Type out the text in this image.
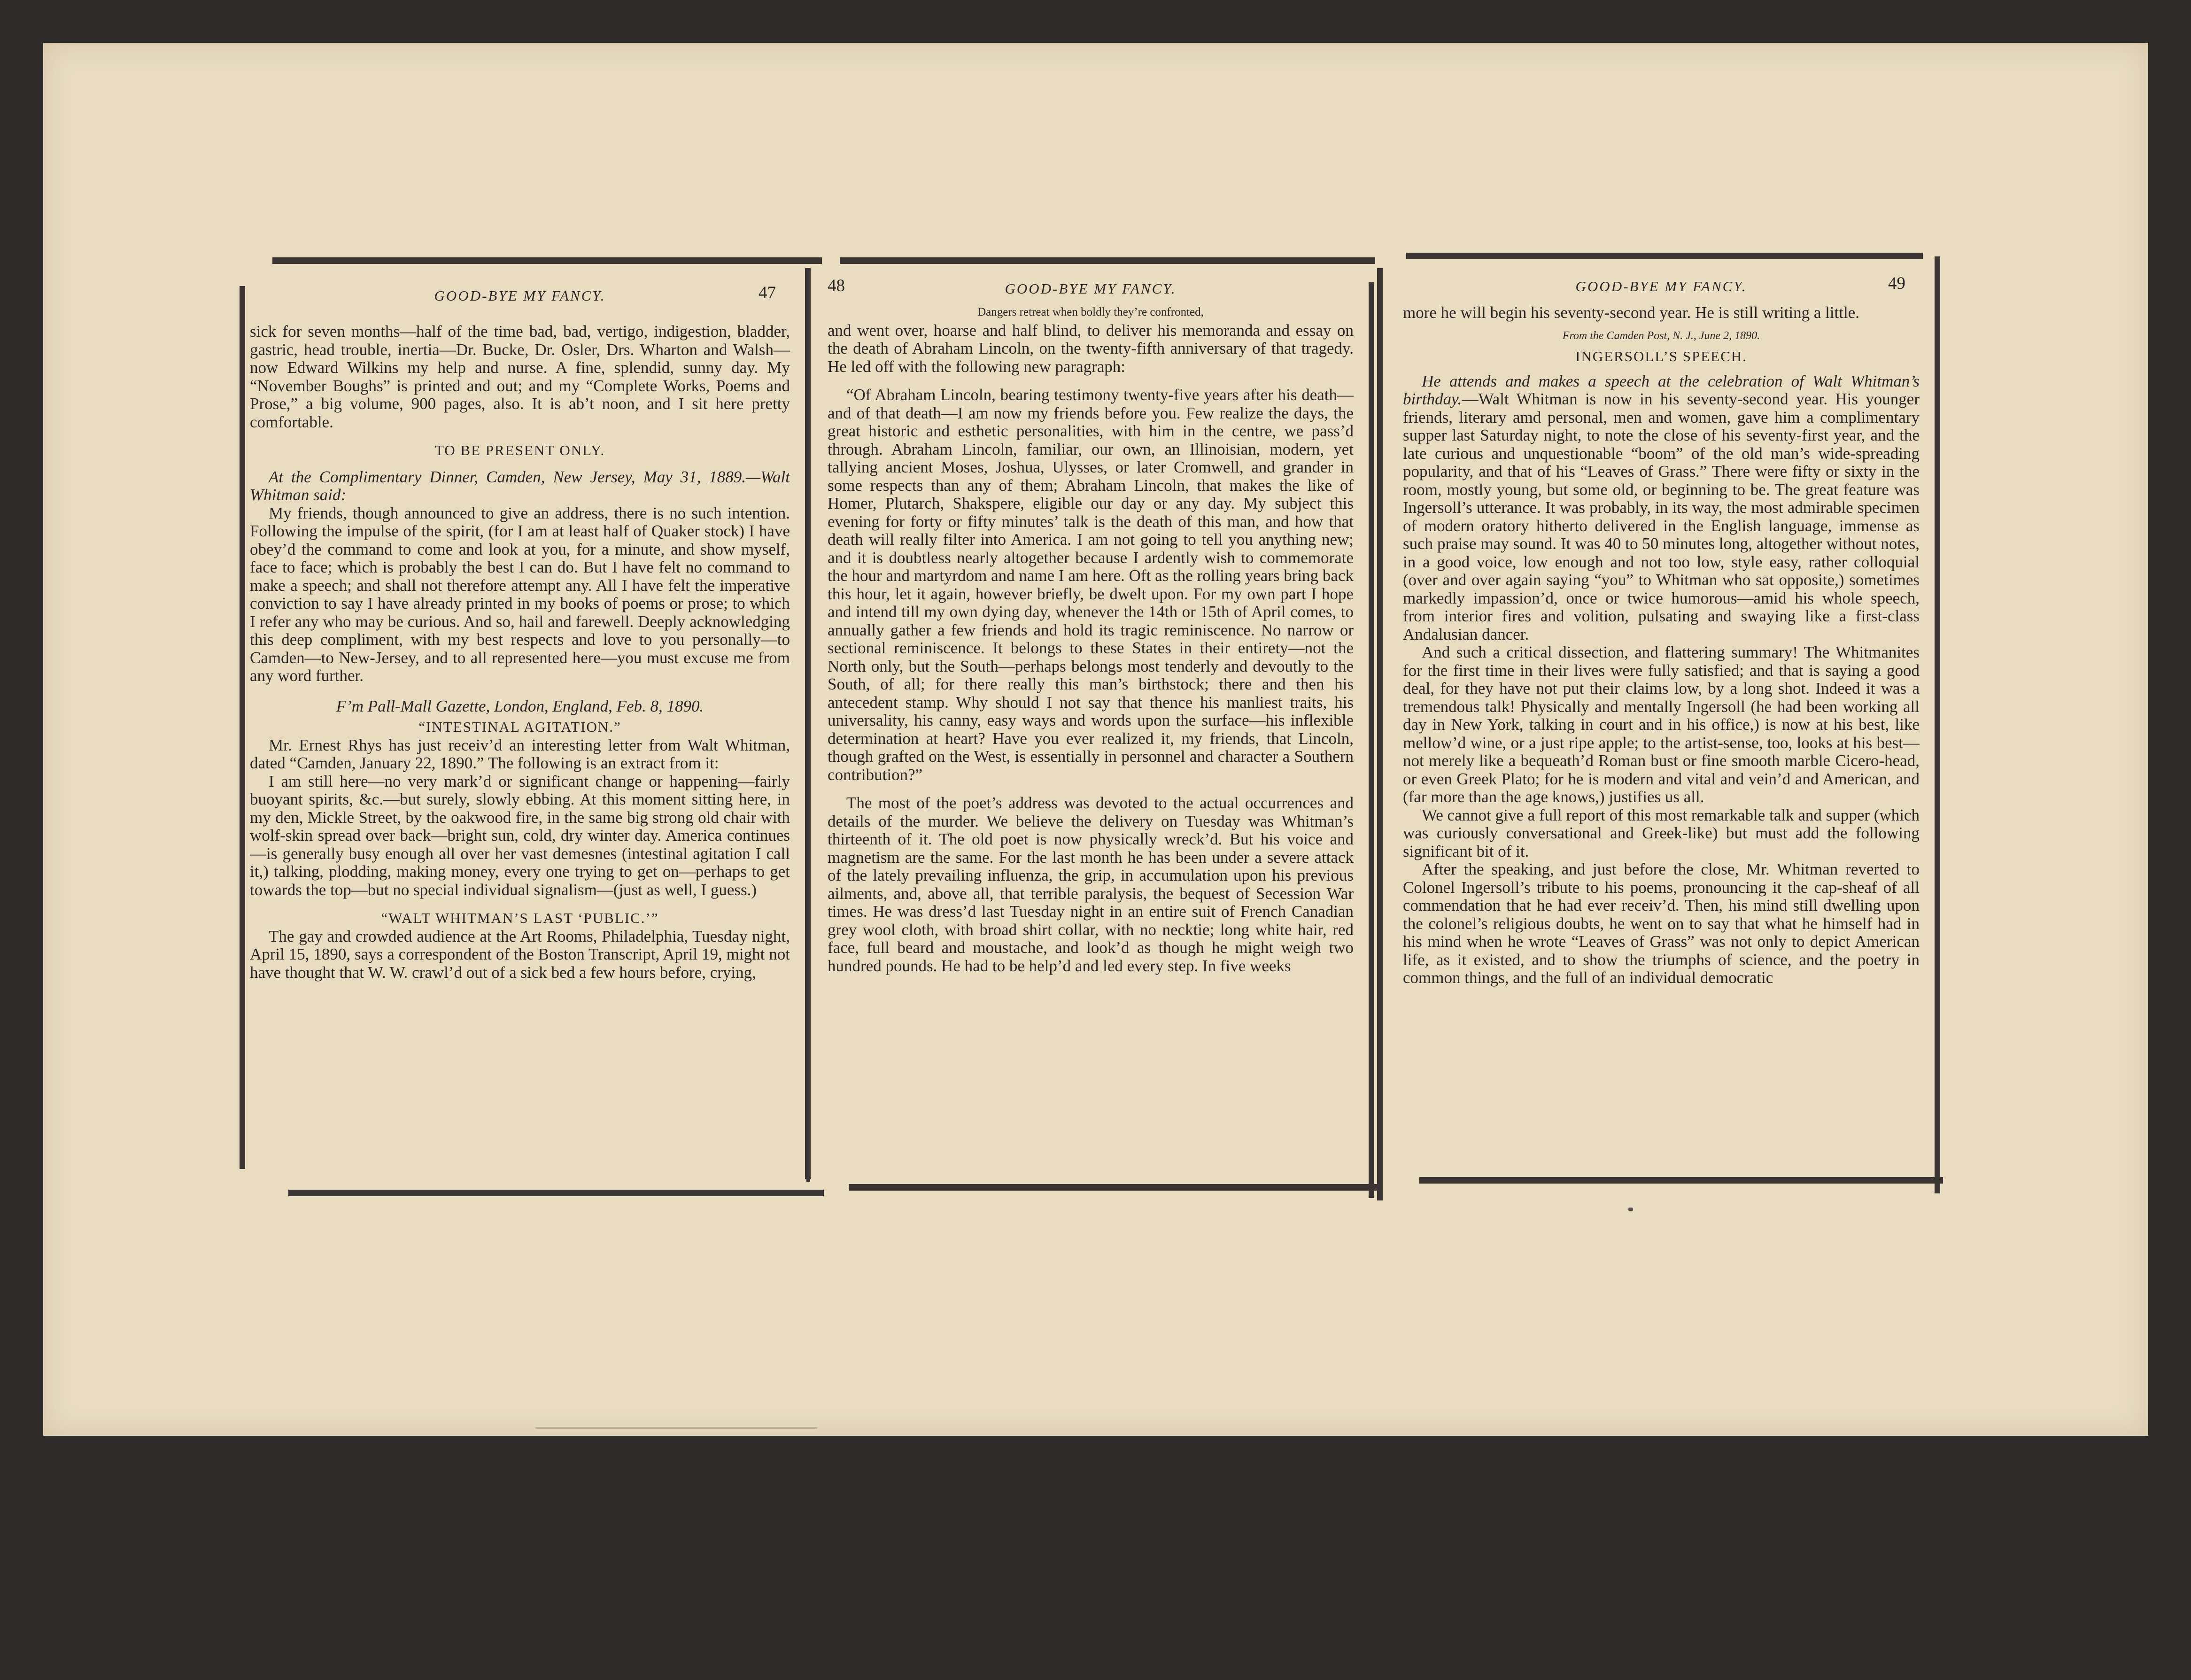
GOOD-BYE MY FANCY.	47

sick for seven months—half of the time bad, bad, vertigo, indigestion, bladder, gastric, head trouble, inertia—Dr. Bucke, Dr. Osler, Drs. Wharton and Walsh—now Edward Wilkins my help and nurse. A fine, splendid, sunny day. My “November Boughs” is printed and out; and my “Complete Works, Poems and Prose,” a big volume, 900 pages, also. It is ab’t noon, and I sit here pretty comfortable.

TO BE PRESENT ONLY.

At the Complimentary Dinner, Camden, New Jersey, May 31, 1889.—Walt Whitman said:

My friends, though announced to give an address, there is no such intention. Following the impulse of the spirit, (for I am at least half of Quaker stock) I have obey’d the command to come and look at you, for a minute, and show myself, face to face; which is probably the best I can do. But I have felt no command to make a speech; and shall not therefore attempt any. All I have felt the imperative conviction to say I have already printed in my books of poems or prose; to which I refer any who may be curious. And so, hail and farewell. Deeply acknowledging this deep compliment, with my best respects and love to you personally—to Camden—to New-Jersey, and to all represented here—you must excuse me from any word further.

F’m Pall-Mall Gazette, London, England, Feb. 8, 1890.

“INTESTINAL AGITATION.”

Mr. Ernest Rhys has just receiv’d an interesting letter from Walt Whitman, dated “Camden, January 22, 1890.” The following is an extract from it:

I am still here—no very mark’d or significant change or happening—fairly buoyant spirits, &c.—but surely, slowly ebbing. At this moment sitting here, in my den, Mickle Street, by the oakwood fire, in the same big strong old chair with wolf-skin spread over back—bright sun, cold, dry winter day. America continues—is generally busy enough all over her vast demesnes (intestinal agitation I call it,) talking, plodding, making money, every one trying to get on—perhaps to get towards the top—but no special individual signalism—(just as well, I guess.)

“WALT WHITMAN’S LAST ‘PUBLIC.’”

The gay and crowded audience at the Art Rooms, Philadelphia, Tuesday night, April 15, 1890, says a correspondent of the Boston Transcript, April 19, might not have thought that W. W. crawl’d out of a sick bed a few hours before, crying,

48	GOOD-BYE MY FANCY.

Dangers retreat when boldly they’re confronted,

and went over, hoarse and half blind, to deliver his memoranda and essay on the death of Abraham Lincoln, on the twenty-fifth anniversary of that tragedy. He led off with the following new paragraph:

“Of Abraham Lincoln, bearing testimony twenty-five years after his death—and of that death—I am now my friends before you. Few realize the days, the great historic and esthetic personalities, with him in the centre, we pass’d through. Abraham Lincoln, familiar, our own, an Illinoisian, modern, yet tallying ancient Moses, Joshua, Ulysses, or later Cromwell, and grander in some respects than any of them; Abraham Lincoln, that makes the like of Homer, Plutarch, Shakspere, eligible our day or any day. My subject this evening for forty or fifty minutes’ talk is the death of this man, and how that death will really filter into America. I am not going to tell you anything new; and it is doubtless nearly altogether because I ardently wish to commemorate the hour and martyrdom and name I am here. Oft as the rolling years bring back this hour, let it again, however briefly, be dwelt upon. For my own part I hope and intend till my own dying day, whenever the 14th or 15th of April comes, to annually gather a few friends and hold its tragic reminiscence. No narrow or sectional reminiscence. It belongs to these States in their entirety—not the North only, but the South—perhaps belongs most tenderly and devoutly to the South, of all; for there really this man’s birthstock; there and then his antecedent stamp. Why should I not say that thence his manliest traits, his universality, his canny, easy ways and words upon the surface—his inflexible determination at heart? Have you ever realized it, my friends, that Lincoln, though grafted on the West, is essentially in personnel and character a Southern contribution?”

The most of the poet’s address was devoted to the actual occurrences and details of the murder. We believe the delivery on Tuesday was Whitman’s thirteenth of it. The old poet is now physically wreck’d. But his voice and magnetism are the same. For the last month he has been under a severe attack of the lately prevailing influenza, the grip, in accumulation upon his previous ailments, and, above all, that terrible paralysis, the bequest of Secession War times. He was dress’d last Tuesday night in an entire suit of French Canadian grey wool cloth, with broad shirt collar, with no necktie; long white hair, red face, full beard and moustache, and look’d as though he might weigh two hundred pounds. He had to be help’d and led every step. In five weeks

GOOD-BYE MY FANCY.	49

more he will begin his seventy-second year. He is still writing a little.

From the Camden Post, N. J., June 2, 1890.

INGERSOLL’S SPEECH.

He attends and makes a speech at the celebration of Walt Whitman’s birthday.—Walt Whitman is now in his seventy-second year. His younger friends, literary amd personal, men and women, gave him a complimentary supper last Saturday night, to note the close of his seventy-first year, and the late curious and unquestionable “boom” of the old man’s wide-spreading popularity, and that of his “Leaves of Grass.” There were fifty or sixty in the room, mostly young, but some old, or beginning to be. The great feature was Ingersoll’s utterance. It was probably, in its way, the most admirable specimen of modern oratory hitherto delivered in the English language, immense as such praise may sound. It was 40 to 50 minutes long, altogether without notes, in a good voice, low enough and not too low, style easy, rather colloquial (over and over again saying “you” to Whitman who sat opposite,) sometimes markedly impassion’d, once or twice humorous—amid his whole speech, from interior fires and volition, pulsating and swaying like a first-class Andalusian dancer.

And such a critical dissection, and flattering summary! The Whitmanites for the first time in their lives were fully satisfied; and that is saying a good deal, for they have not put their claims low, by a long shot. Indeed it was a tremendous talk! Physically and mentally Ingersoll (he had been working all day in New York, talking in court and in his office,) is now at his best, like mellow’d wine, or a just ripe apple; to the artist-sense, too, looks at his best—not merely like a bequeath’d Roman bust or fine smooth marble Cicero-head, or even Greek Plato; for he is modern and vital and vein’d and American, and (far more than the age knows,) justifies us all.

We cannot give a full report of this most remarkable talk and supper (which was curiously conversational and Greek-like) but must add the following significant bit of it.

After the speaking, and just before the close, Mr. Whitman reverted to Colonel Ingersoll’s tribute to his poems, pronouncing it the cap-sheaf of all commendation that he had ever receiv’d. Then, his mind still dwelling upon the colonel’s religious doubts, he went on to say that what he himself had in his mind when he wrote “Leaves of Grass” was not only to depict American life, as it existed, and to show the triumphs of science, and the poetry in common things, and the full of an individual democratic
